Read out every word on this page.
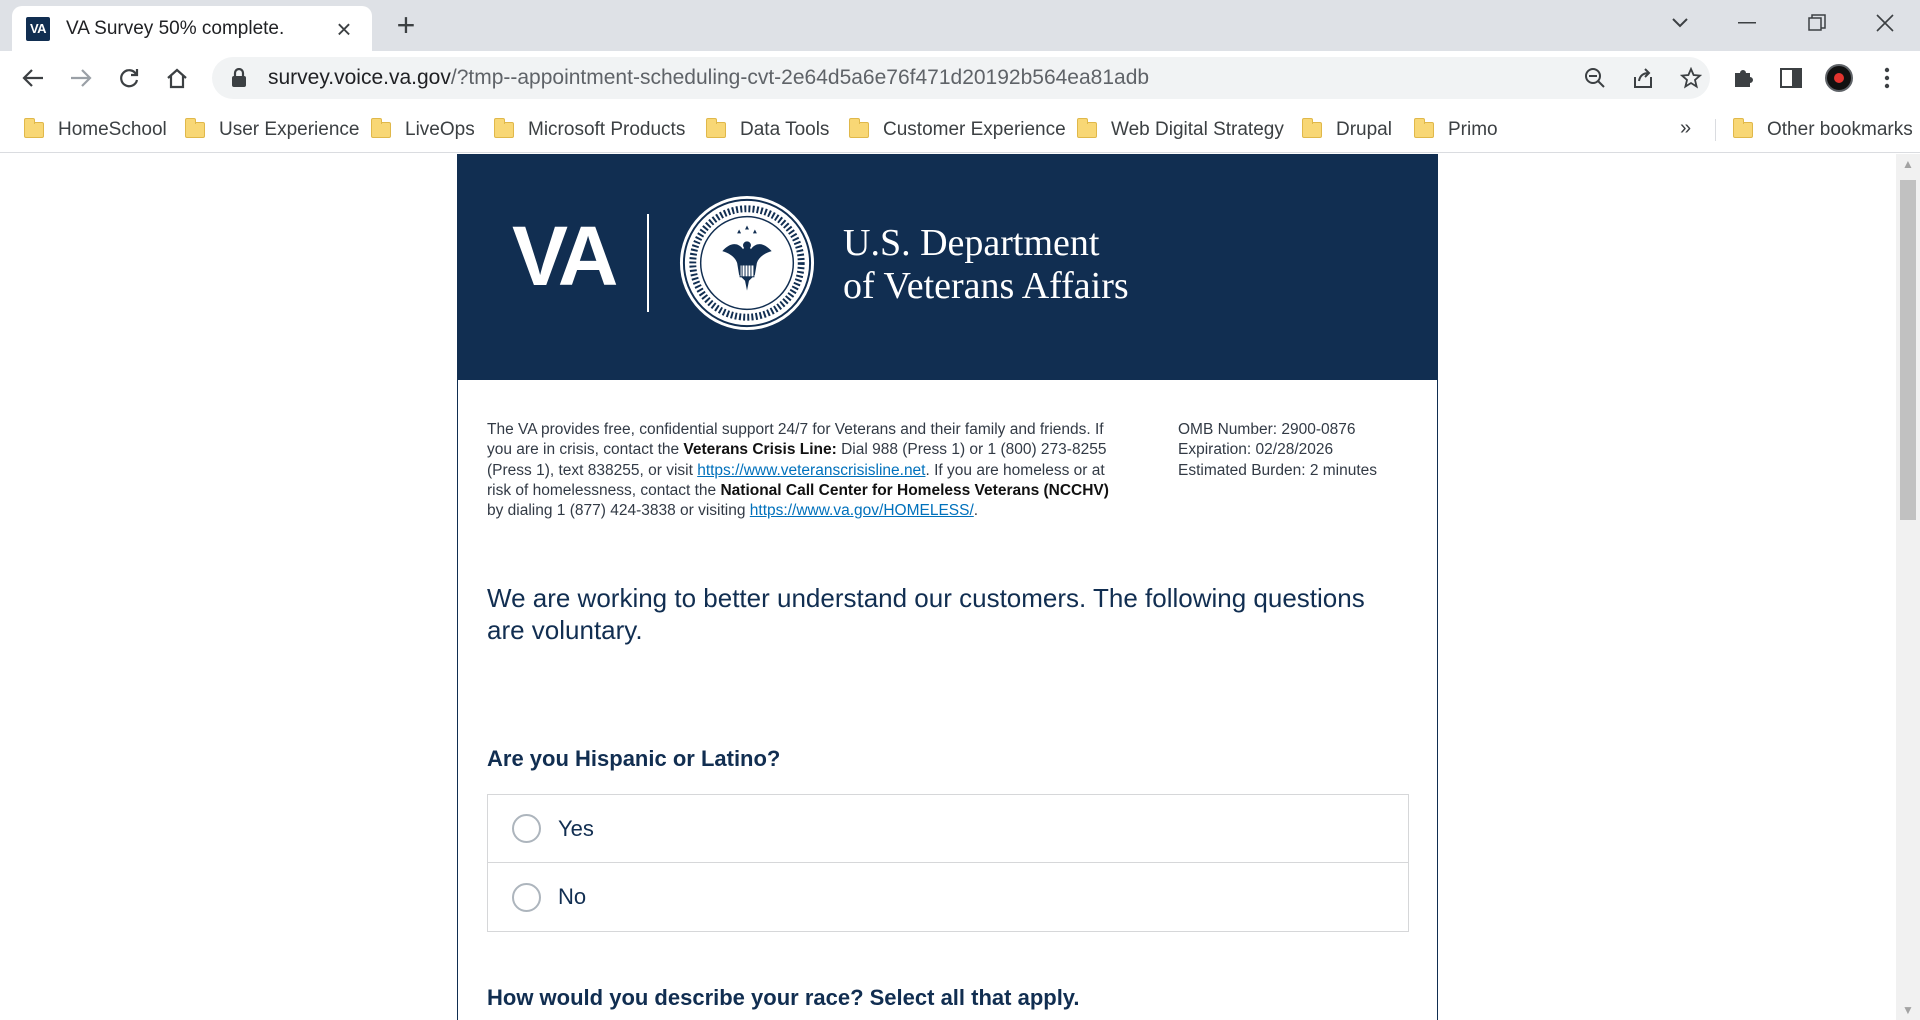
VA VA Survey 50% complete.	× +
survey.voice.va.gov/?tmp--appointment-scheduling-cvt-2e64d5a6e76f471d20192b564ea81adb
HomeSchool	User Experience LiveOps	Microsoft Products	Data Tools	Customer Experience Web Digital Strategy	Drupal	Primo	»	Other bookmarks
VA	U.S. Department
of Veterans Affairs
The VA provides free, confidential support 24/7 for Veterans and their family and friends. If you are in crisis, contact the Veterans Crisis Line: Dial 988 (Press 1) or 1 (800) 273-8255 (Press 1), text 838255, or visit https://www.veteranscrisisline.net. If you are homeless or at risk of homelessness, contact the National Call Center for Homeless Veterans (NCCHV) by dialing 1 (877) 424-3838 or visiting https://www.va.gov/HOMELESS/.
OMB Number: 2900-0876
Expiration: 02/28/2026
Estimated Burden: 2 minutes
We are working to better understand our customers. The following questions are voluntary.
Are you Hispanic or Latino?
Yes
No
How would you describe your race? Select all that apply.
▲
▼
